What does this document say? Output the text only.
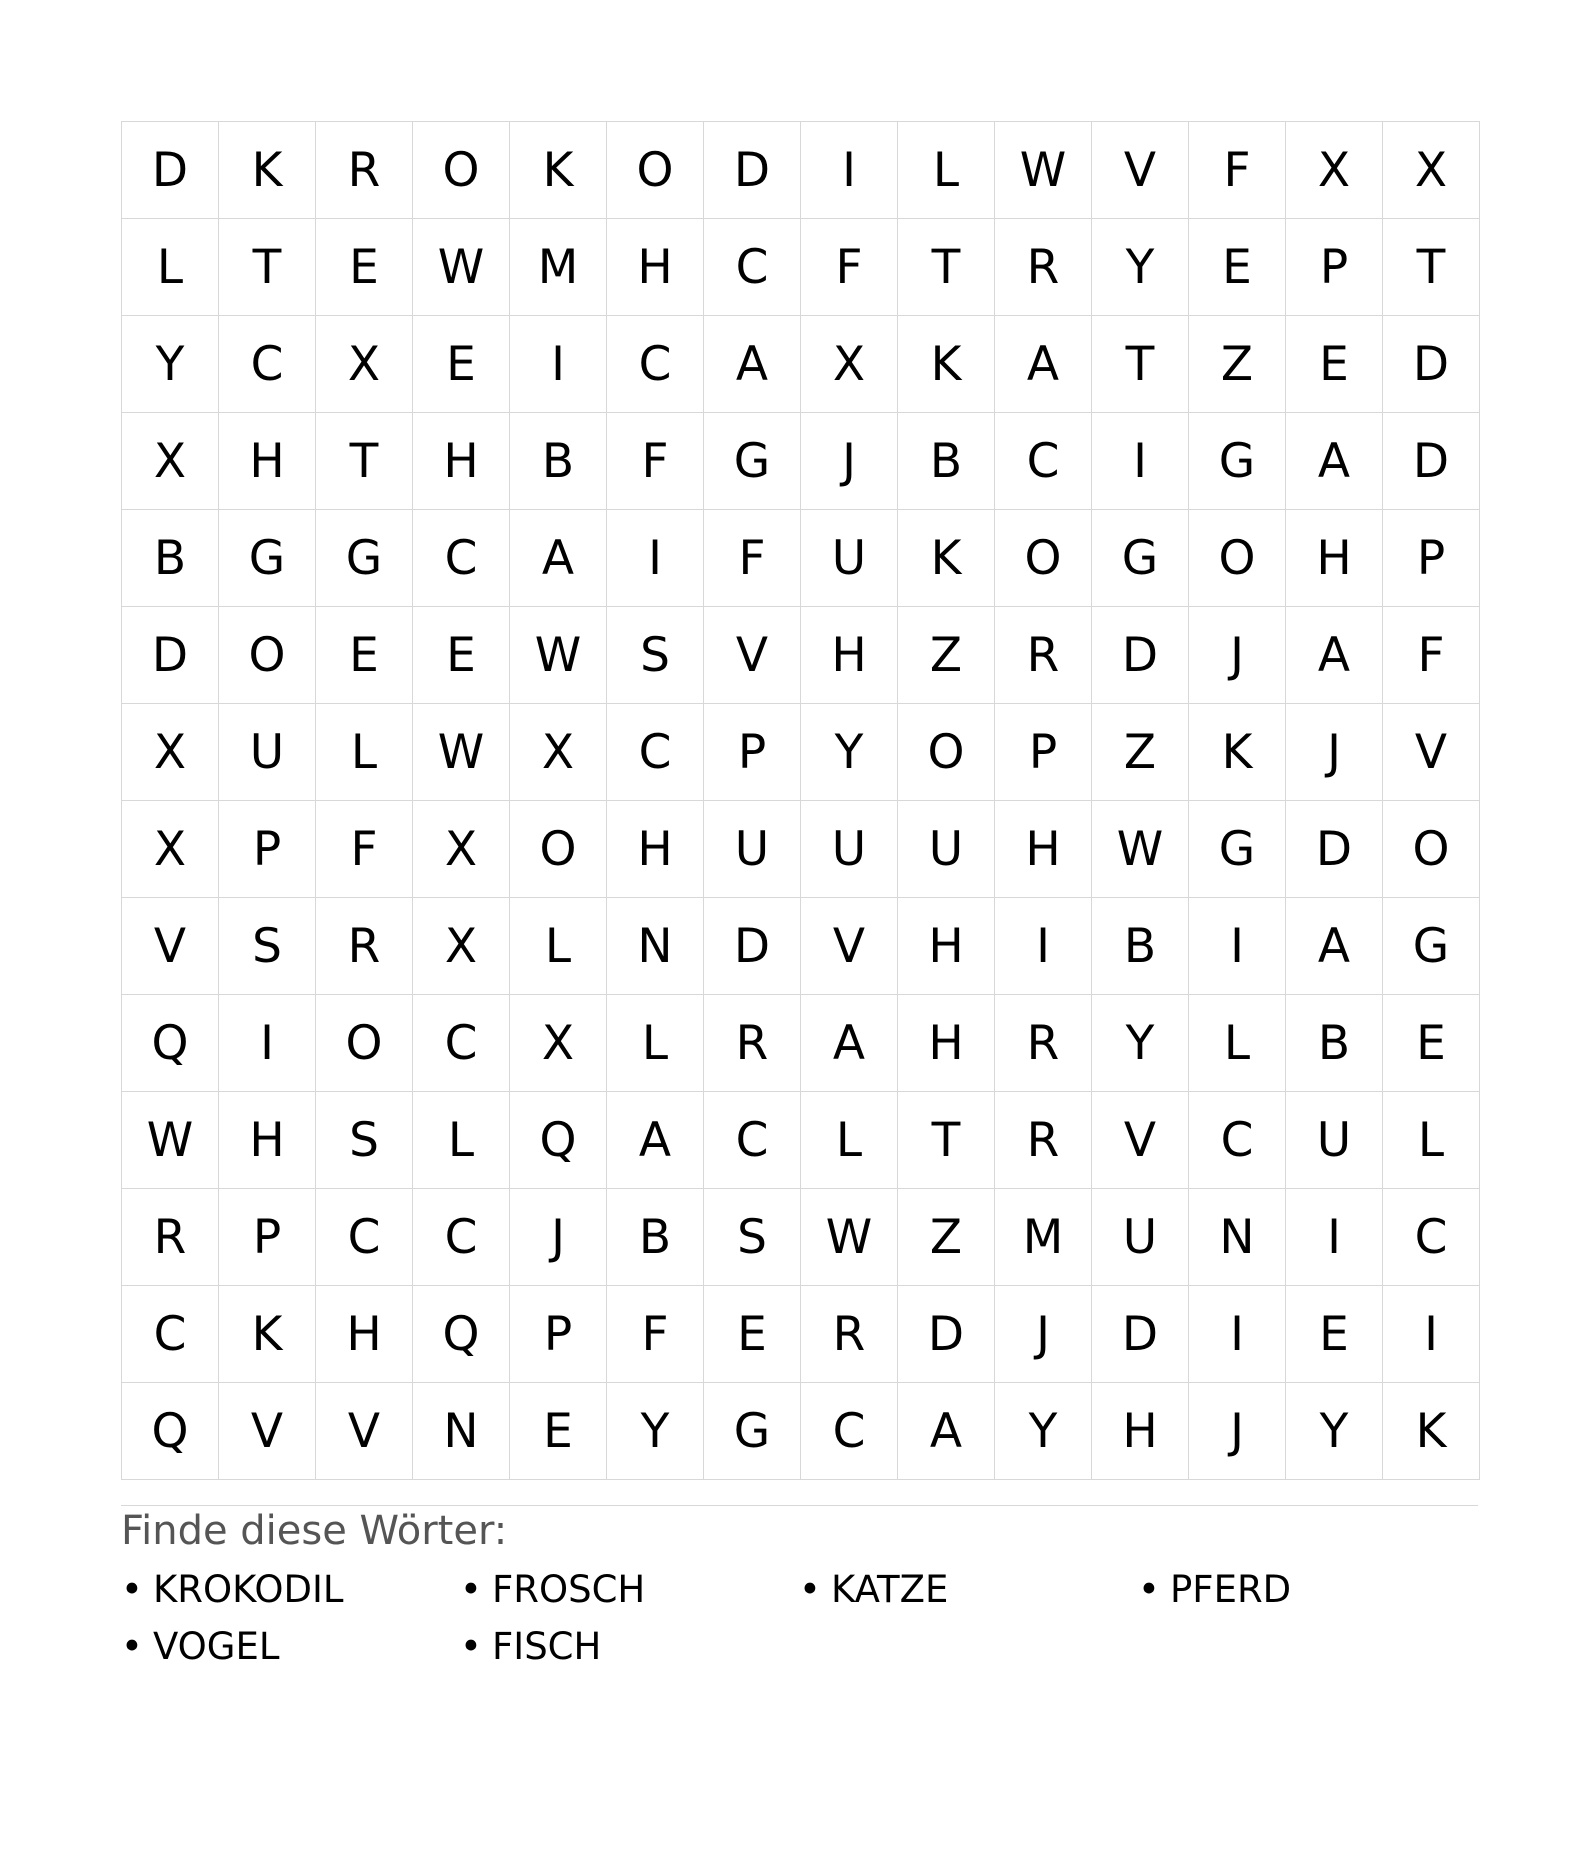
D	K	R	O	K	O	D	I	L	W	V	F	X	X
L	T	E	W	M	H	C	F	T	R	Y	E	P	T
Y	C	X	E	I	C	A	X	K	A	T	Z	E	D
X	H	T	H	B	F	G	J	B	C	I	G	A	D
B	G	G	C	A	I	F	U	K	O	G	O	H	P
D	O	E	E	W	S	V	H	Z	R	D	J	A	F
X	U	L	W	X	C	P	Y	O	P	Z	K	J	V
X	P	F	X	O	H	U	U	U	H	W	G	D	O
V	S	R	X	L	N	D	V	H	I	B	I	A	G
Q	I	O	C	X	L	R	A	H	R	Y	L	B	E
W	H	S	L	Q	A	C	L	T	R	V	C	U	L
R	P	C	C	J	B	S	W	Z	M	U	N	I	C
C	K	H	Q	P	F	E	R	D	J	D	I	E	I
Q	V	V	N	E	Y	G	C	A	Y	H	J	Y	K
Finde diese Wörter:
• KROKODIL	• FROSCH	• KATZE	• PFERD
• VOGEL	• FISCH
